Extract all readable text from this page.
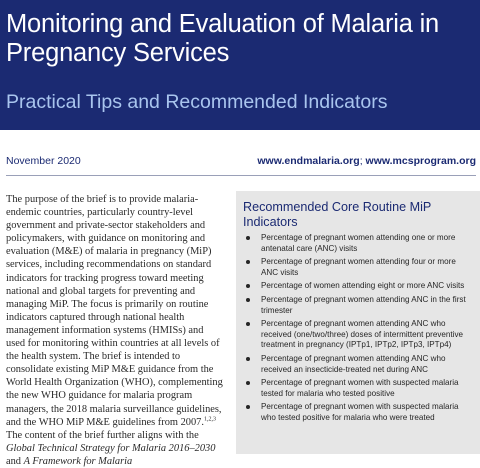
Monitoring and Evaluation of Malaria in Pregnancy Services
Practical Tips and Recommended Indicators
November 2020	www.endmalaria.org; www.mcsprogram.org
The purpose of the brief is to provide malaria-endemic countries, particularly country-level government and private-sector stakeholders and policymakers, with guidance on monitoring and evaluation (M&E) of malaria in pregnancy (MiP) services, including recommendations on standard indicators for tracking progress toward meeting national and global targets for preventing and managing MiP. The focus is primarily on routine indicators captured through national health management information systems (HMISs) and used for monitoring within countries at all levels of the health system. The brief is intended to consolidate existing MiP M&E guidance from the World Health Organization (WHO), complementing the new WHO guidance for malaria program managers, the 2018 malaria surveillance guidelines, and the WHO MiP M&E guidelines from 2007.$^{1,2,3}$ The content of the brief further aligns with the Global Technical Strategy for Malaria 2016–2030 and A Framework for Malaria
Recommended Core Routine MiP Indicators
Percentage of pregnant women attending one or more antenatal care (ANC) visits
Percentage of pregnant women attending four or more ANC visits
Percentage of women attending eight or more ANC visits
Percentage of pregnant women attending ANC in the first trimester
Percentage of pregnant women attending ANC who received (one/two/three) doses of intermittent preventive treatment in pregnancy (IPTp1, IPTp2, IPTp3, IPTp4)
Percentage of pregnant women attending ANC who received an insecticide-treated net during ANC
Percentage of pregnant women with suspected malaria tested for malaria who tested positive
Percentage of pregnant women with suspected malaria who tested positive for malaria who were treated
